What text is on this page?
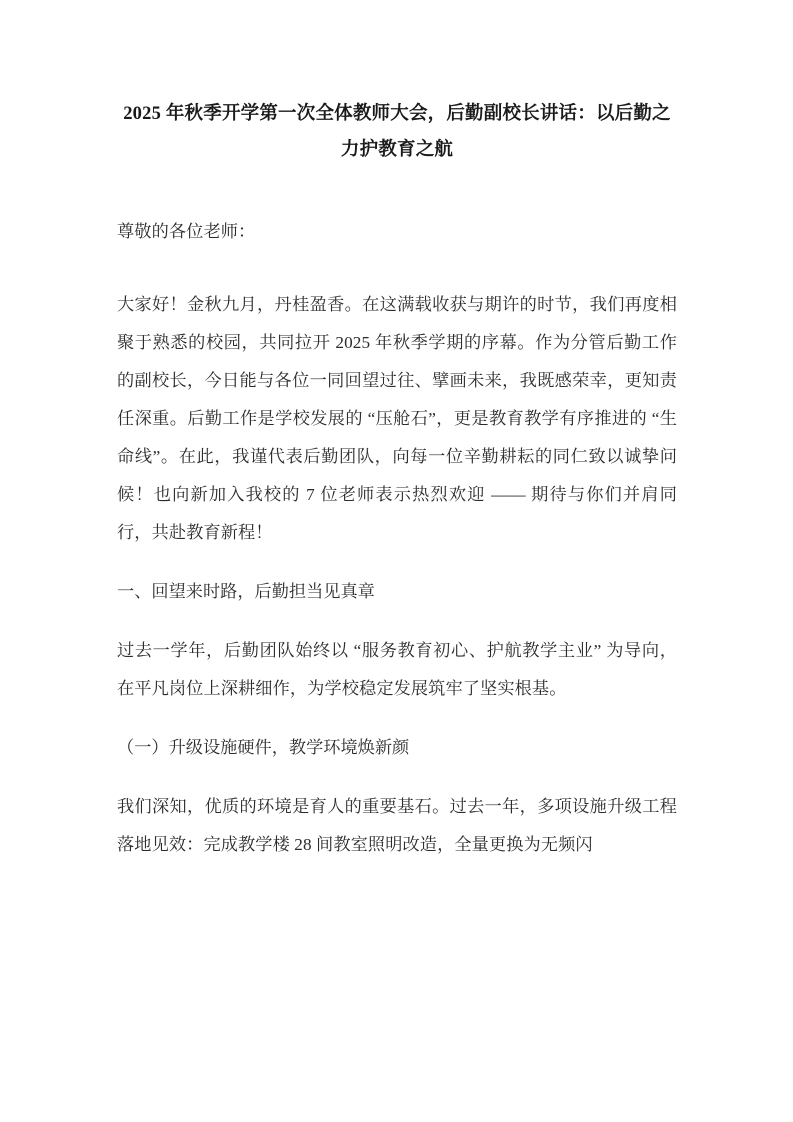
2025 年秋季开学第一次全体教师大会，后勤副校长讲话：以后勤之 力护教育之航

尊敬的各位老师：

大家好！金秋九月，丹桂盈香。在这满载收获与期许的时节，我们再度相聚于熟悉的校园，共同拉开 2025 年秋季学期的序幕。作为分管后勤工作的副校长，今日能与各位一同回望过往、擘画未来，我既感荣幸，更知责任深重。后勤工作是学校发展的 “压舱石”，更是教育教学有序推进的 “生命线”。在此，我谨代表后勤团队，向每一位辛勤耕耘的同仁致以诚挚问候！也向新加入我校的 7 位老师表示热烈欢迎 —— 期待与你们并肩同行，共赴教育新程！

一、回望来时路，后勤担当见真章

过去一学年，后勤团队始终以 “服务教育初心、护航教学主业” 为导向，在平凡岗位上深耕细作，为学校稳定发展筑牢了坚实根基。

（一）升级设施硬件，教学环境焕新颜

我们深知，优质的环境是育人的重要基石。过去一年，多项设施升级工程落地见效：完成教学楼 28 间教室照明改造，全量更换为无频闪
